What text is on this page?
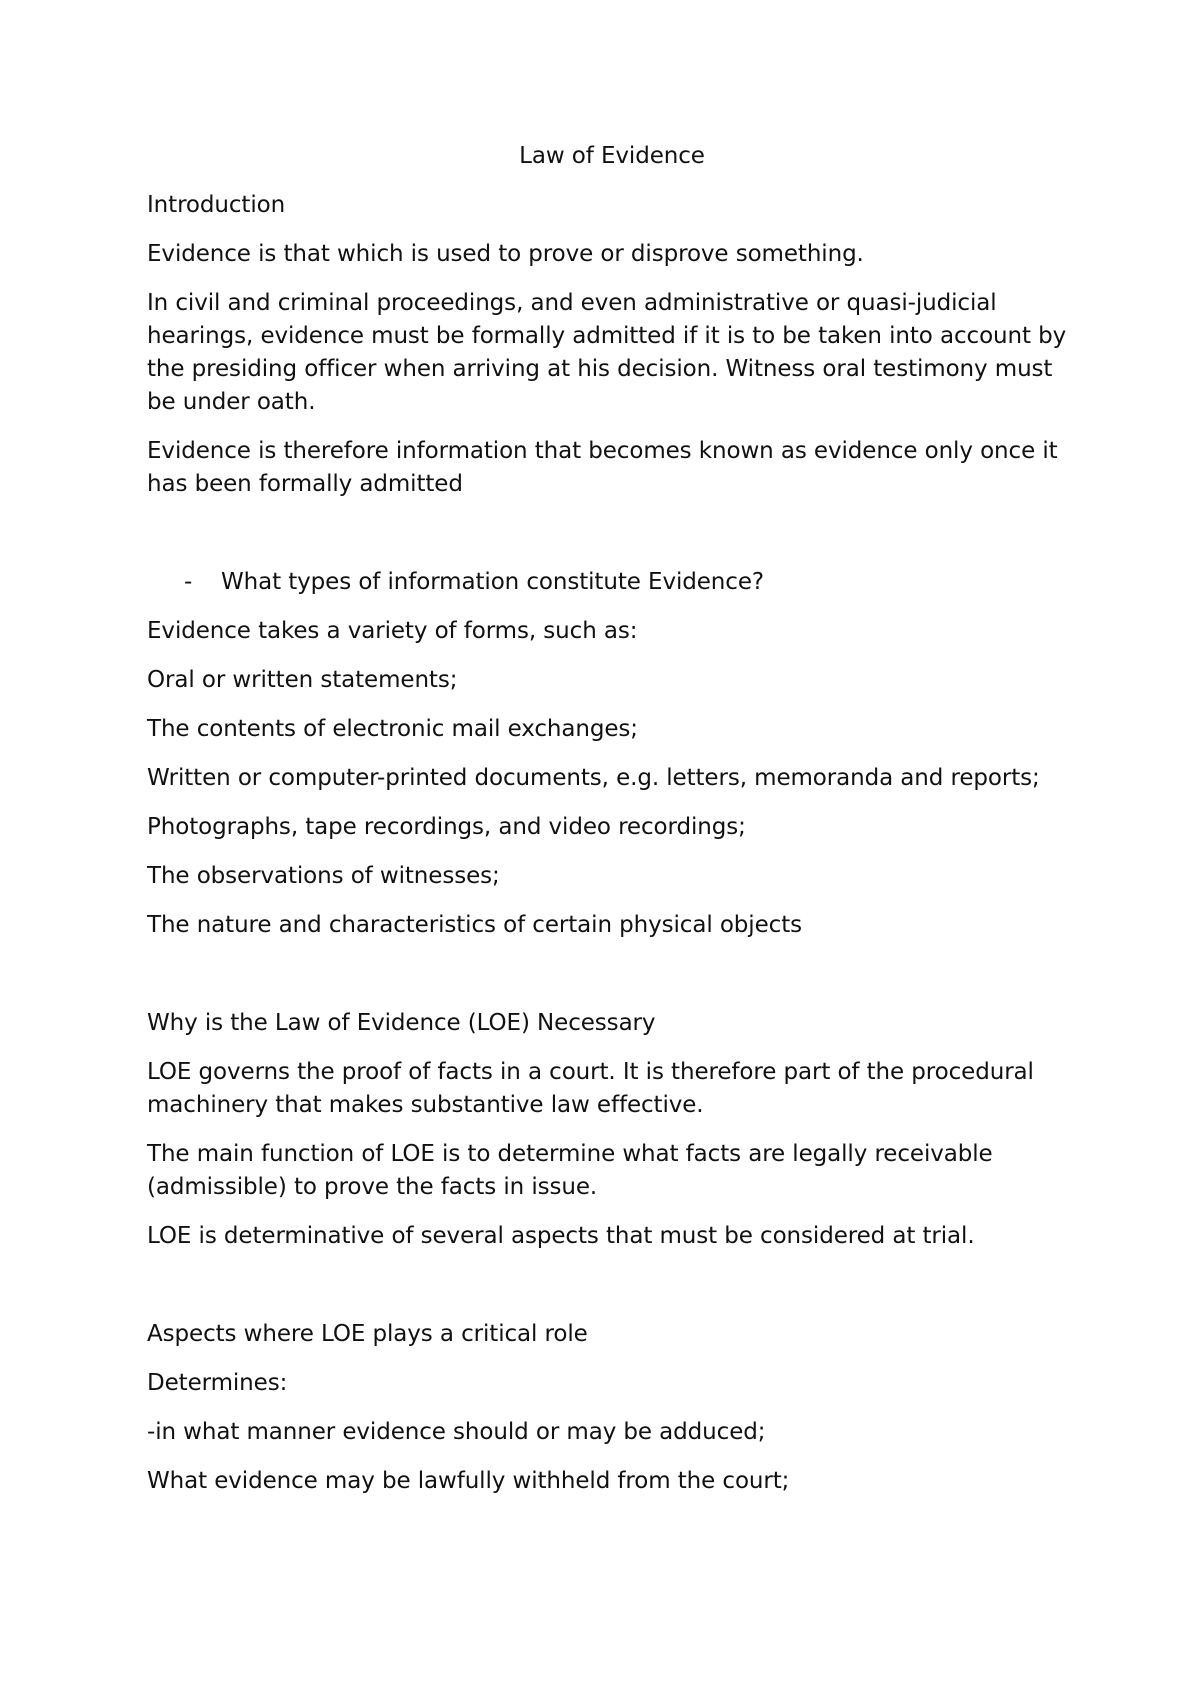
Law of Evidence
Introduction
Evidence is that which is used to prove or disprove something.
In civil and criminal proceedings, and even administrative or quasi-judicial hearings, evidence must be formally admitted if it is to be taken into account by the presiding officer when arriving at his decision. Witness oral testimony must be under oath.
Evidence is therefore information that becomes known as evidence only once it has been formally admitted
-	What types of information constitute Evidence?
Evidence takes a variety of forms, such as:
Oral or written statements;
The contents of electronic mail exchanges;
Written or computer-printed documents, e.g. letters, memoranda and reports;
Photographs, tape recordings, and video recordings;
The observations of witnesses;
The nature and characteristics of certain physical objects
Why is the Law of Evidence (LOE) Necessary
LOE governs the proof of facts in a court. It is therefore part of the procedural machinery that makes substantive law effective.
The main function of LOE is to determine what facts are legally receivable (admissible) to prove the facts in issue.
LOE is determinative of several aspects that must be considered at trial.
Aspects where LOE plays a critical role
Determines:
-in what manner evidence should or may be adduced;
What evidence may be lawfully withheld from the court;
